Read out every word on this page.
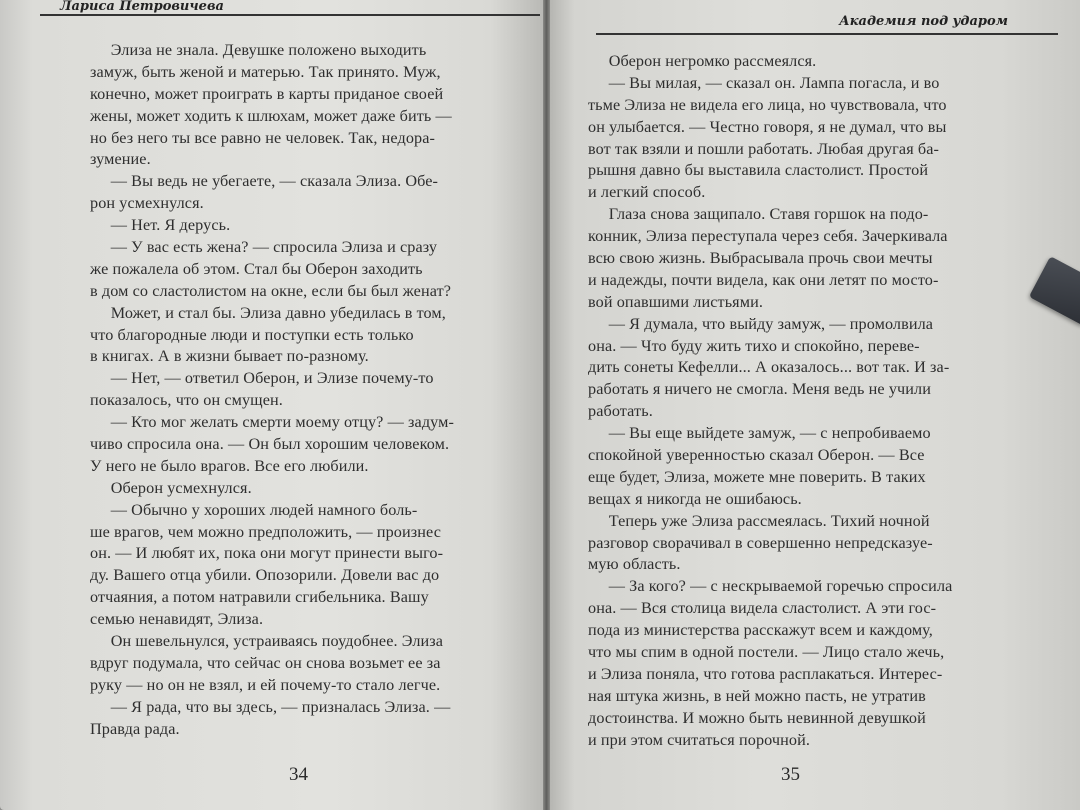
Лариса Петровичева
Элиза не знала. Девушке положено выходить
замуж, быть женой и матерью. Так принято. Муж,
конечно, может проиграть в карты приданое своей
жены, может ходить к шлюхам, может даже бить —
но без него ты все равно не человек. Так, недора-
зумение.
— Вы ведь не убегаете, — сказала Элиза. Обе-
рон усмехнулся.
— Нет. Я дерусь.
— У вас есть жена? — спросила Элиза и сразу
же пожалела об этом. Стал бы Оберон заходить
в дом со сластолистом на окне, если бы был женат?
Может, и стал бы. Элиза давно убедилась в том,
что благородные люди и поступки есть только
в книгах. А в жизни бывает по-разному.
— Нет, — ответил Оберон, и Элизе почему-то
показалось, что он смущен.
— Кто мог желать смерти моему отцу? — задум-
чиво спросила она. — Он был хорошим человеком.
У него не было врагов. Все его любили.
Оберон усмехнулся.
— Обычно у хороших людей намного боль-
ше врагов, чем можно предположить, — произнес
он. — И любят их, пока они могут принести выго-
ду. Вашего отца убили. Опозорили. Довели вас до
отчаяния, а потом натравили сгибельника. Вашу
семью ненавидят, Элиза.
Он шевельнулся, устраиваясь поудобнее. Элиза
вдруг подумала, что сейчас он снова возьмет ее за
руку — но он не взял, и ей почему-то стало легче.
— Я рада, что вы здесь, — призналась Элиза. —
Правда рада.
34
Академия под ударом
Оберон негромко рассмеялся.
— Вы милая, — сказал он. Лампа погасла, и во
тьме Элиза не видела его лица, но чувствовала, что
он улыбается. — Честно говоря, я не думал, что вы
вот так взяли и пошли работать. Любая другая ба-
рышня давно бы выставила сластолист. Простой
и легкий способ.
Глаза снова защипало. Ставя горшок на подо-
конник, Элиза переступала через себя. Зачеркивала
всю свою жизнь. Выбрасывала прочь свои мечты
и надежды, почти видела, как они летят по мосто-
вой опавшими листьями.
— Я думала, что выйду замуж, — промолвила
она. — Что буду жить тихо и спокойно, переве-
дить сонеты Кефелли... А оказалось... вот так. И за-
работать я ничего не смогла. Меня ведь не учили
работать.
— Вы еще выйдете замуж, — с непробиваемо
спокойной уверенностью сказал Оберон. — Все
еще будет, Элиза, можете мне поверить. В таких
вещах я никогда не ошибаюсь.
Теперь уже Элиза рассмеялась. Тихий ночной
разговор сворачивал в совершенно непредсказуе-
мую область.
— За кого? — с нескрываемой горечью спросила
она. — Вся столица видела сластолист. А эти гос-
пода из министерства расскажут всем и каждому,
что мы спим в одной постели. — Лицо стало жечь,
и Элиза поняла, что готова расплакаться. Интерес-
ная штука жизнь, в ней можно пасть, не утратив
достоинства. И можно быть невинной девушкой
и при этом считаться порочной.
35
